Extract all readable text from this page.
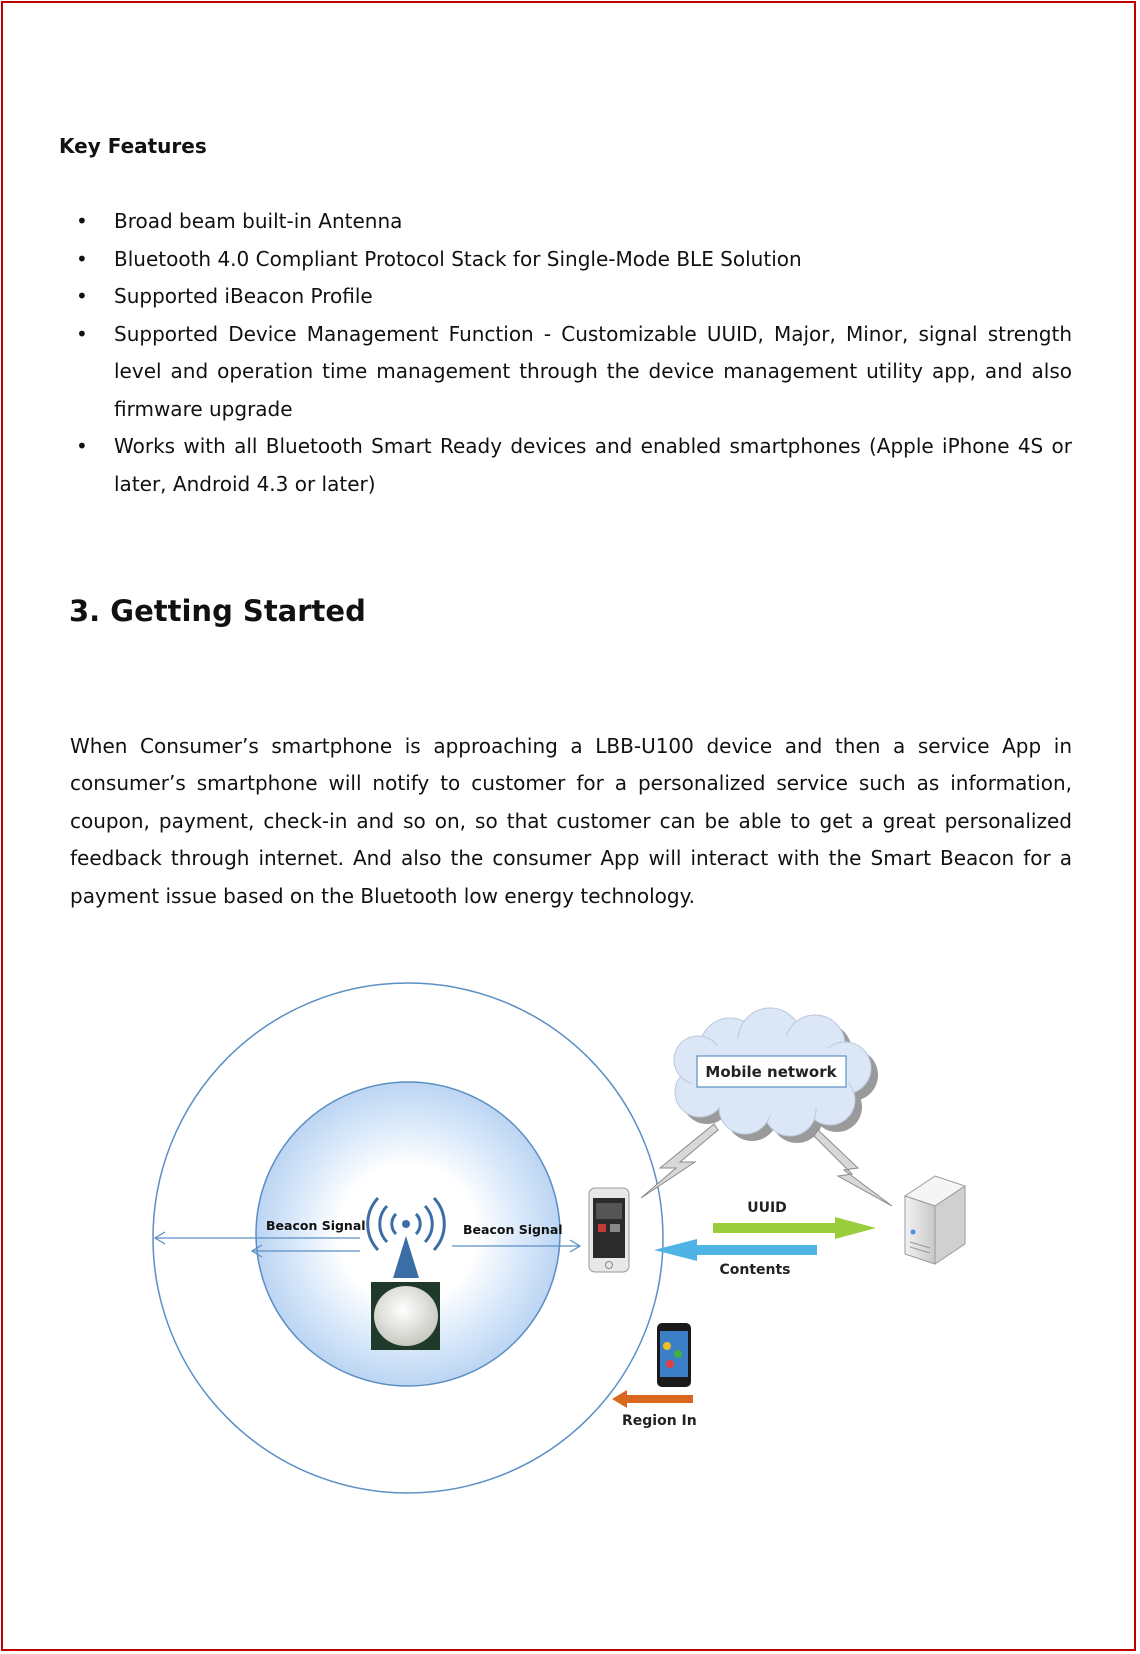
Key Features
• Broad beam built-in Antenna
• Bluetooth 4.0 Compliant Protocol Stack for Single-Mode BLE Solution
• Supported iBeacon Profile
• Supported Device Management Function - Customizable UUID, Major, Minor, signal strength level and operation time management through the device management utility app, and also firmware upgrade
• Works with all Bluetooth Smart Ready devices and enabled smartphones (Apple iPhone 4S or later, Android 4.3 or later)
3. Getting Started

When Consumer’s smartphone is approaching a LBB-U100 device and then a service App in consumer’s smartphone will notify to customer for a personalized service such as information, coupon, payment, check-in and so on, so that customer can be able to get a great personalized feedback through internet. And also the consumer App will interact with the Smart Beacon for a payment issue based on the Bluetooth low energy technology.

Beacon Signal	Beacon Signal
Region In
Mobile network
UUID
Contents
